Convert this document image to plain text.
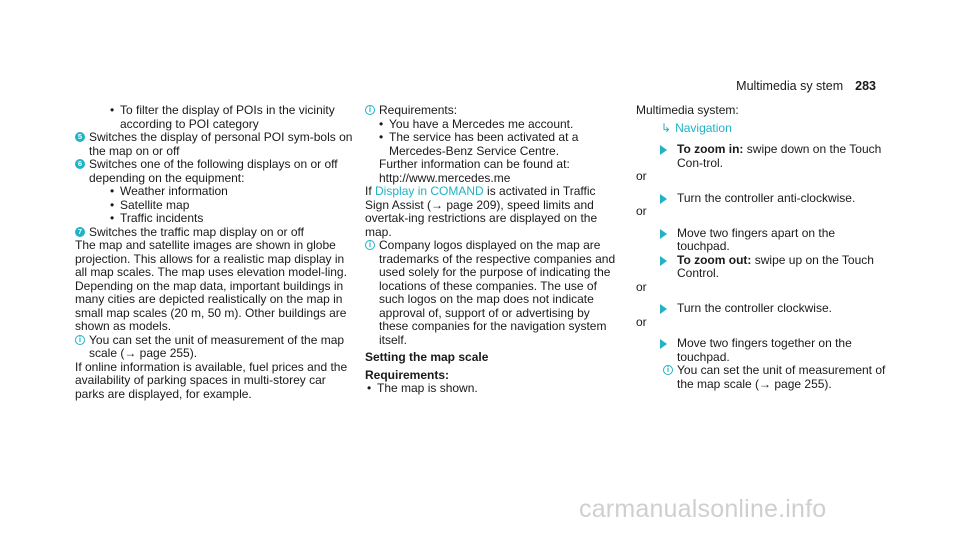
Multimedia sy stem 283

• To filter the display of POIs in the vicinity according to POI category

5 Switches the display of personal POI sym-bols on the map on or off

6 Switches one of the following displays on or off depending on the equipment:

• Weather information

• Satellite map

• Traffic incidents

7 Switches the traffic map display on or off

The map and satellite images are shown in globe projection. This allows for a realistic map display in all map scales. The map uses elevation model-ling.

Depending on the map data, important buildings in many cities are depicted realistically on the map in small map scales (20 m, 50 m). Other buildings are shown as models.

i You can set the unit of measurement of the map scale (→ page 255).

If online information is available, fuel prices and the availability of parking spaces in multi-storey car parks are displayed, for example.

i Requirements:

• You have a Mercedes me account.

• The service has been activated at a Mercedes-Benz Service Centre.

Further information can be found at: http://www.mercedes.me

If Display in COMAND is activated in Traffic Sign Assist (→ page 209), speed limits and overtak-ing restrictions are displayed on the map.

i Company logos displayed on the map are trademarks of the respective companies and used solely for the purpose of indicating the locations of these companies. The use of such logos on the map does not indicate approval of, support of or advertising by these companies for the navigation system itself.

Setting the map scale

Requirements:

• The map is shown.

Multimedia system:

↳ Navigation

To zoom in: swipe down on the Touch Con-trol.

or

Turn the controller anti-clockwise.

or

Move two fingers apart on the touchpad.

To zoom out: swipe up on the Touch Control.

or

Turn the controller clockwise.

or

Move two fingers together on the touchpad.

i You can set the unit of measurement of the map scale (→ page 255).

carmanualsonline.info
